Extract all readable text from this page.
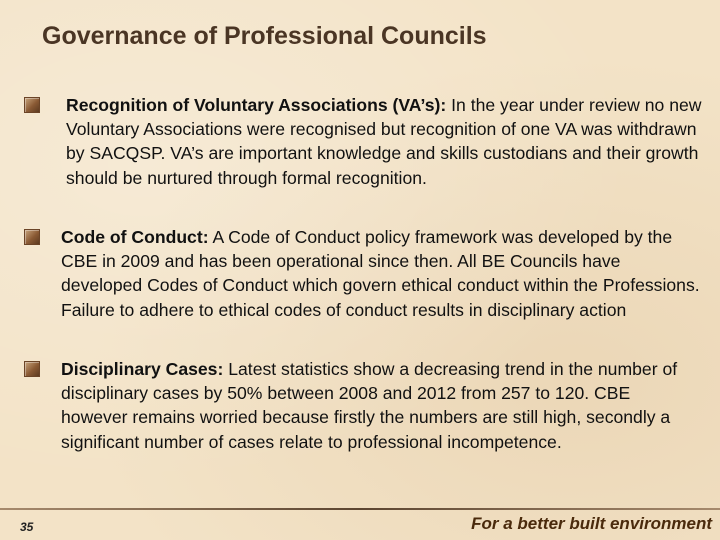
Governance of Professional Councils
Recognition of Voluntary Associations (VA’s): In the year under review no new Voluntary Associations were recognised but recognition of one VA was withdrawn by SACQSP. VA’s are important knowledge and skills custodians and their growth should be nurtured through formal recognition.
Code of Conduct: A Code of Conduct policy framework was developed by the CBE in 2009 and has been operational since then. All BE Councils have developed Codes of Conduct which govern ethical conduct within the Professions. Failure to adhere to ethical codes of conduct results in disciplinary action
Disciplinary Cases: Latest statistics show a decreasing trend in the number of disciplinary cases by 50% between 2008 and 2012 from 257 to 120. CBE however remains worried because firstly the numbers are still high, secondly a significant number of cases relate to professional incompetence.
35	For a better built environment
